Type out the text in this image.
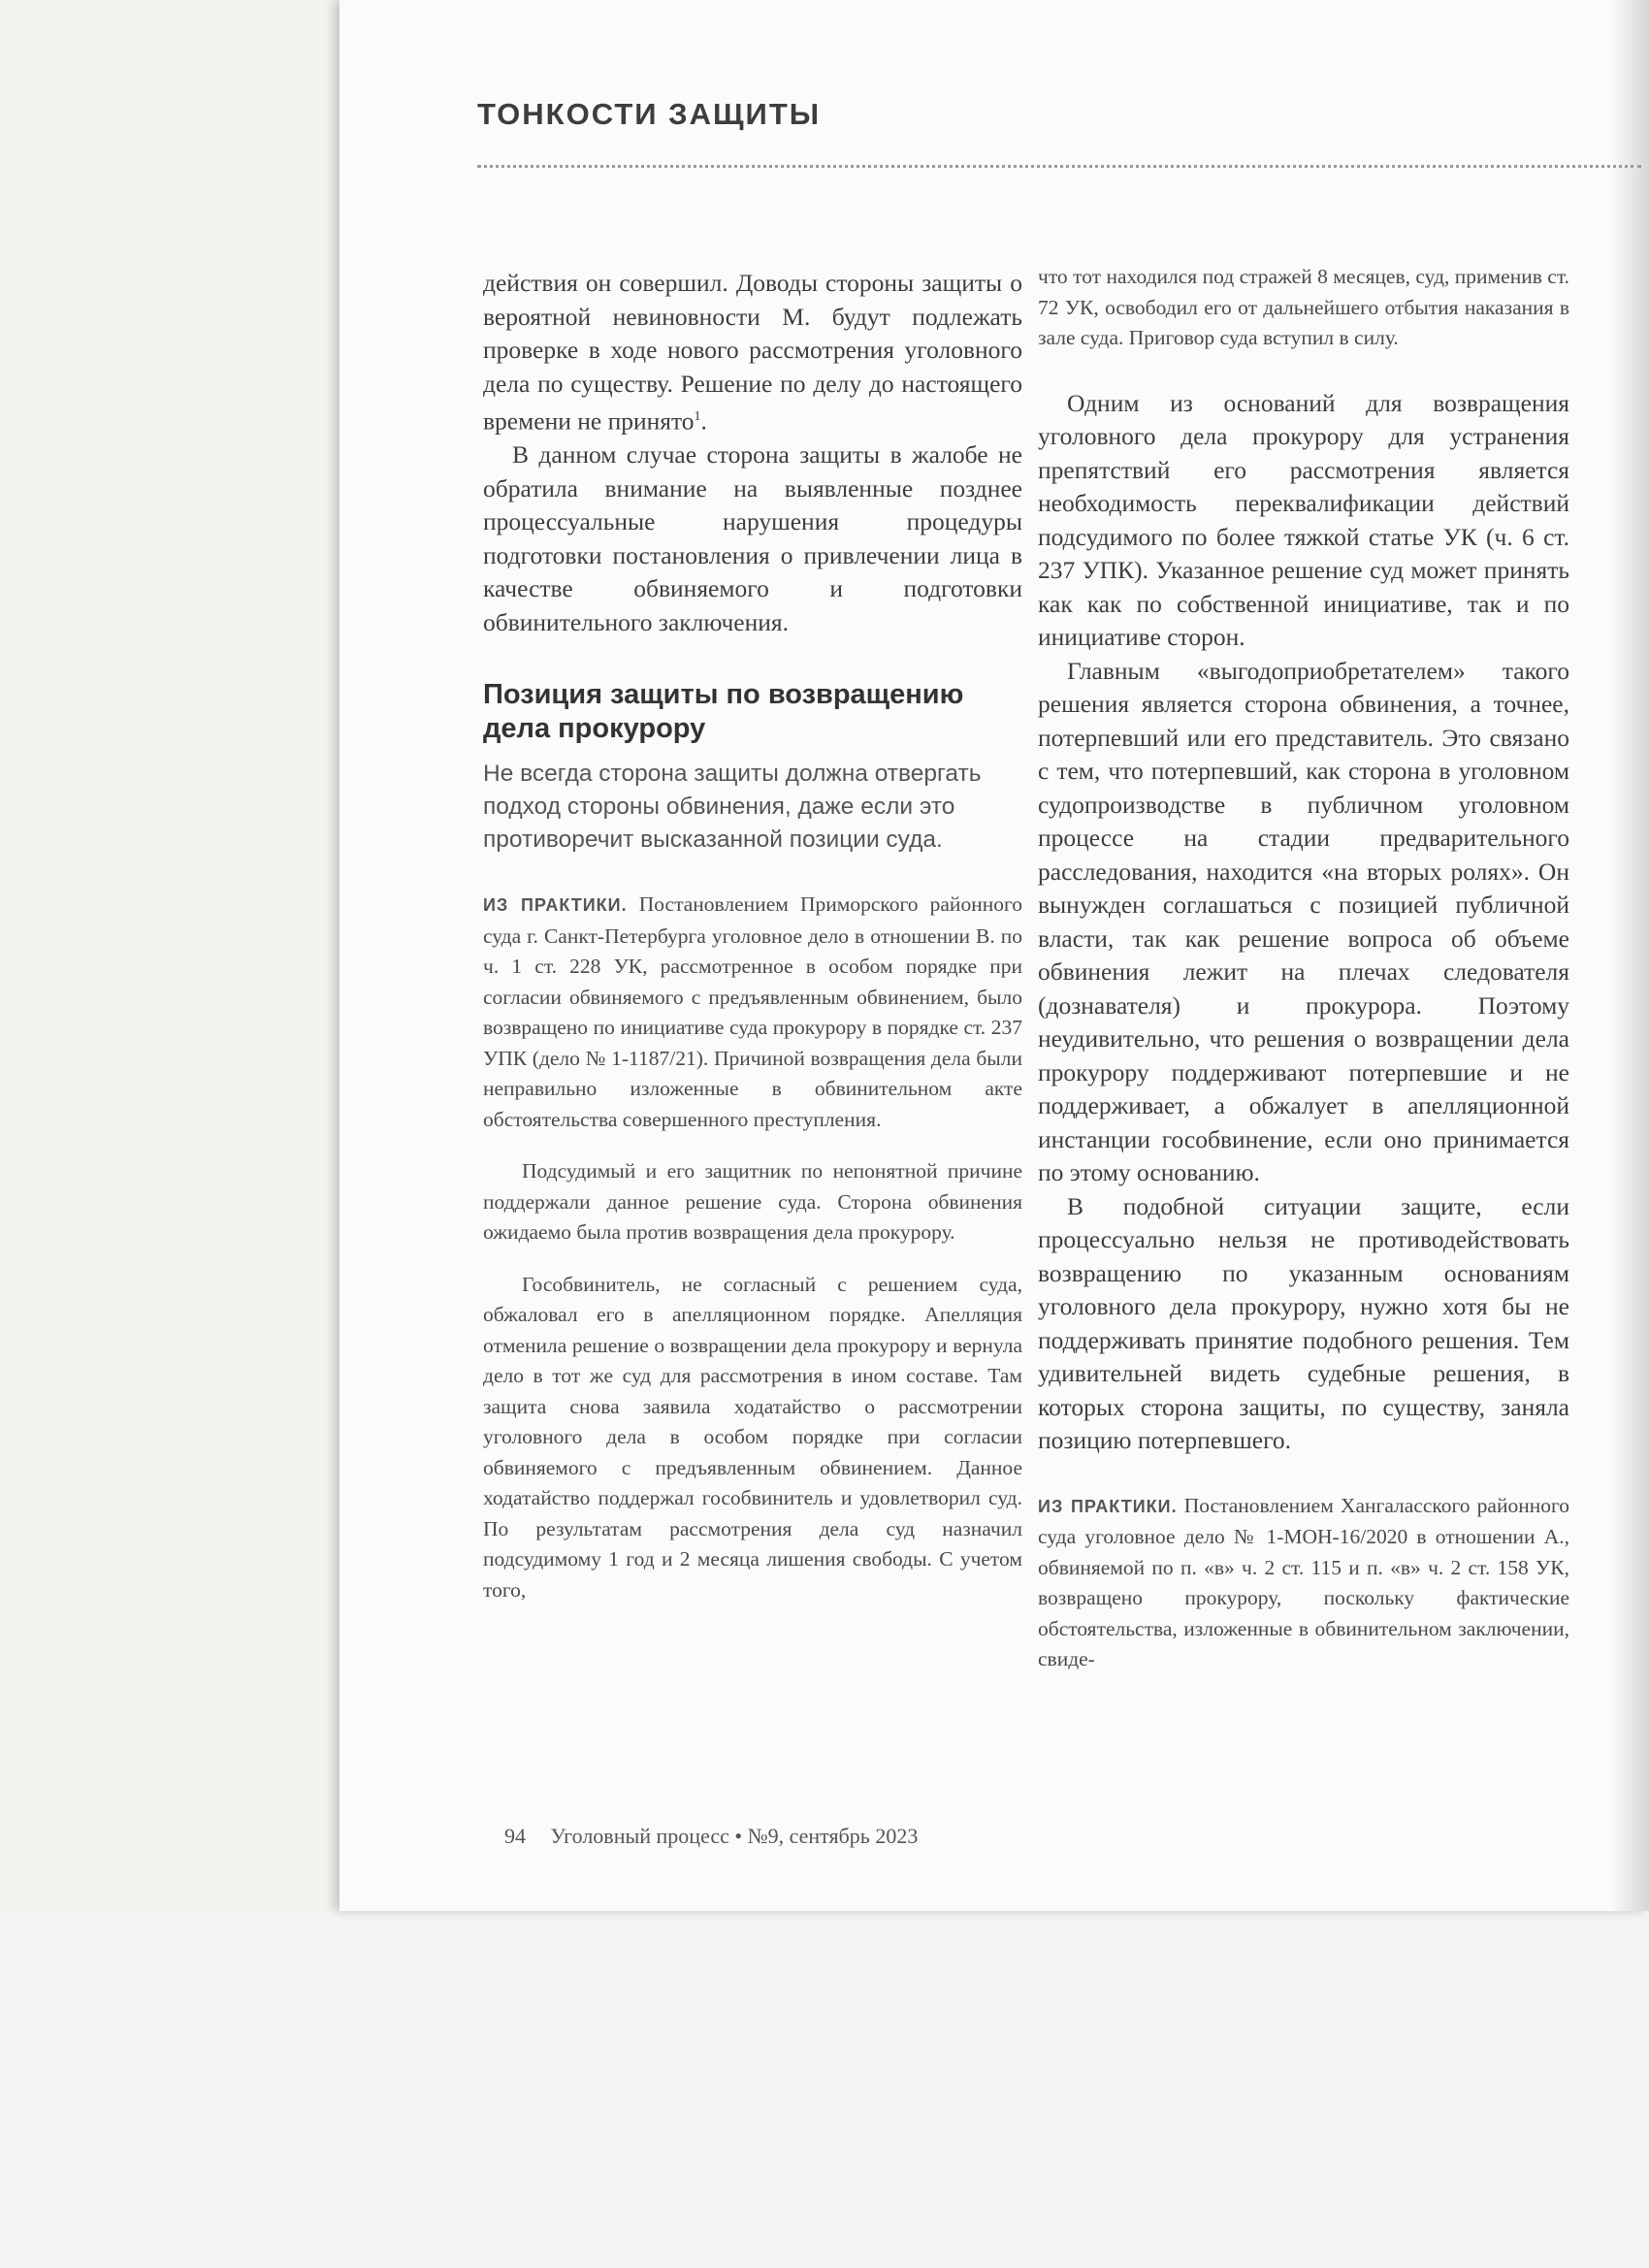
ТОНКОСТИ ЗАЩИТЫ

действия он совершил. Доводы стороны защиты о вероятной невиновности М. будут подлежать проверке в ходе нового рассмотрения уголовного дела по существу. Решение по делу до настоящего времени не принято$^1$.

В данном случае сторона защиты в жалобе не обратила внимание на выявленные позднее процессуальные нарушения процедуры подготовки постановления о привлечении лица в качестве обвиняемого и подготовки обвинительного заключения.

Позиция защиты по возвращению дела прокурору

Не всегда сторона защиты должна отвергать подход стороны обвинения, даже если это противоречит высказанной позиции суда.

ИЗ ПРАКТИКИ. Постановлением Приморского районного суда г. Санкт-Петербурга уголовное дело в отношении В. по ч. 1 ст. 228 УК, рассмотренное в особом порядке при согласии обвиняемого с предъявленным обвинением, было возвращено по инициативе суда прокурору в порядке ст. 237 УПК (дело № 1-1187/21). Причиной возвращения дела были неправильно изложенные в обвинительном акте обстоятельства совершенного преступления.

Подсудимый и его защитник по непонятной причине поддержали данное решение суда. Сторона обвинения ожидаемо была против возвращения дела прокурору.

Гособвинитель, не согласный с решением суда, обжаловал его в апелляционном порядке. Апелляция отменила решение о возвращении дела прокурору и вернула дело в тот же суд для рассмотрения в ином составе. Там защита снова заявила ходатайство о рассмотрении уголовного дела в особом порядке при согласии обвиняемого с предъявленным обвинением. Данное ходатайство поддержал гособвинитель и удовлетворил суд. По результатам рассмотрения дела суд назначил подсудимому 1 год и 2 месяца лишения свободы. С учетом того,

что тот находился под стражей 8 месяцев, суд, применив ст. 72 УК, освободил его от дальнейшего отбытия наказания в зале суда. Приговор суда вступил в силу.

Одним из оснований для возвращения уголовного дела прокурору для устранения препятствий его рассмотрения является необходимость переквалификации действий подсудимого по более тяжкой статье УК (ч. 6 ст. 237 УПК). Указанное решение суд может принять как как по собственной инициативе, так и по инициативе сторон.

Главным «выгодоприобретателем» такого решения является сторона обвинения, а точнее, потерпевший или его представитель. Это связано с тем, что потерпевший, как сторона в уголовном судопроизводстве в публичном уголовном процессе на стадии предварительного расследования, находится «на вторых ролях». Он вынужден соглашаться с позицией публичной власти, так как решение вопроса об объеме обвинения лежит на плечах следователя (дознавателя) и прокурора. Поэтому неудивительно, что решения о возвращении дела прокурору поддерживают потерпевшие и не поддерживает, а обжалует в апелляционной инстанции гособвинение, если оно принимается по этому основанию.

В подобной ситуации защите, если процессуально нельзя не противодействовать возвращению по указанным основаниям уголовного дела прокурору, нужно хотя бы не поддерживать принятие подобного решения. Тем удивительней видеть судебные решения, в которых сторона защиты, по существу, заняла позицию потерпевшего.

ИЗ ПРАКТИКИ. Постановлением Хангаласского районного суда уголовное дело № 1-МОН-16/2020 в отношении А., обвиняемой по п. «в» ч. 2 ст. 115 и п. «в» ч. 2 ст. 158 УК, возвращено прокурору, поскольку фактические обстоятельства, изложенные в обвинительном заключении, свиде-

94 Уголовный процесс • №9, сентябрь 2023
